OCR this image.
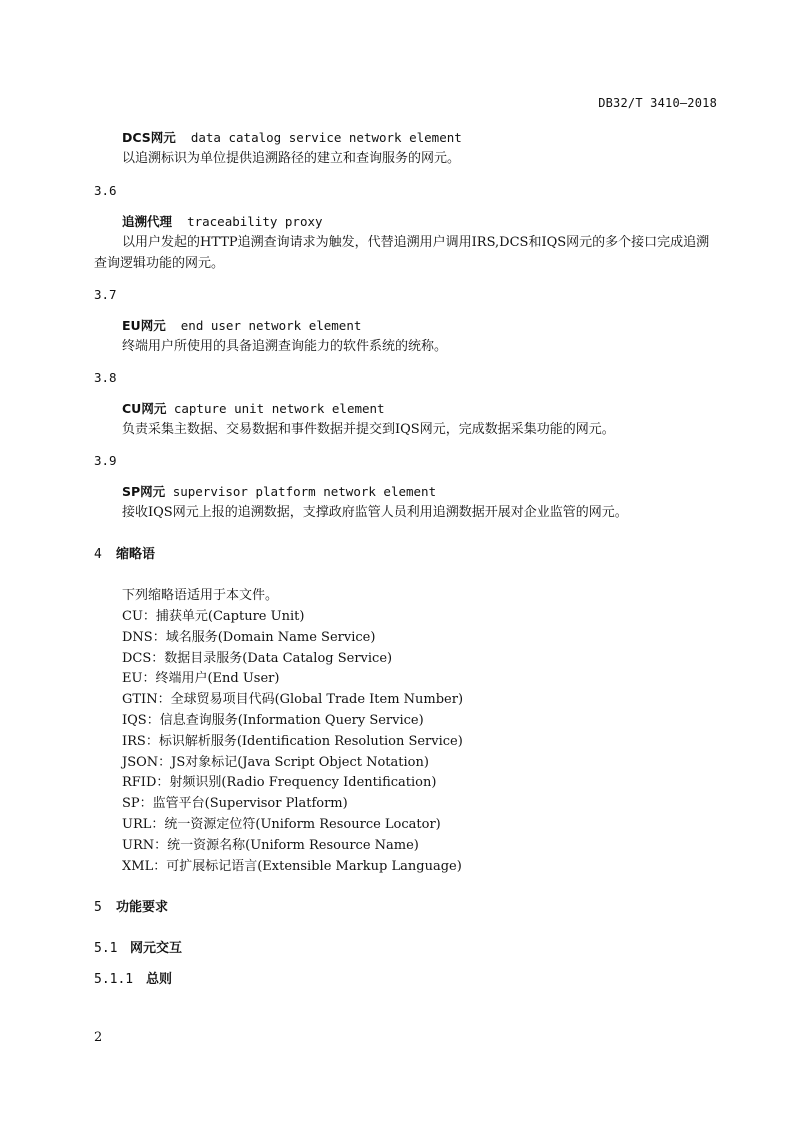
DB32/T 3410—2018
DCS网元 data catalog service network element
以追溯标识为单位提供追溯路径的建立和查询服务的网元。
3.6
追溯代理 traceability proxy
以用户发起的HTTP追溯查询请求为触发，代替追溯用户调用IRS,DCS和IQS网元的多个接口完成追溯
查询逻辑功能的网元。
3.7
EU网元 end user network element
终端用户所使用的具备追溯查询能力的软件系统的统称。
3.8
CU网元 capture unit network element
负责采集主数据、交易数据和事件数据并提交到IQS网元，完成数据采集功能的网元。
3.9
SP网元 supervisor platform network element
接收IQS网元上报的追溯数据，支撑政府监管人员利用追溯数据开展对企业监管的网元。
4 缩略语
下列缩略语适用于本文件。
CU：捕获单元(Capture Unit)
DNS：域名服务(Domain Name Service)
DCS：数据目录服务(Data Catalog Service)
EU：终端用户(End User)
GTIN：全球贸易项目代码(Global Trade Item Number)
IQS：信息查询服务(Information Query Service)
IRS：标识解析服务(Identification Resolution Service)
JSON：JS对象标记(Java Script Object Notation)
RFID：射频识别(Radio Frequency Identification)
SP：监管平台(Supervisor Platform)
URL：统一资源定位符(Uniform Resource Locator)
URN：统一资源名称(Uniform Resource Name)
XML：可扩展标记语言(Extensible Markup Language)
5 功能要求
5.1 网元交互
5.1.1 总则
2
